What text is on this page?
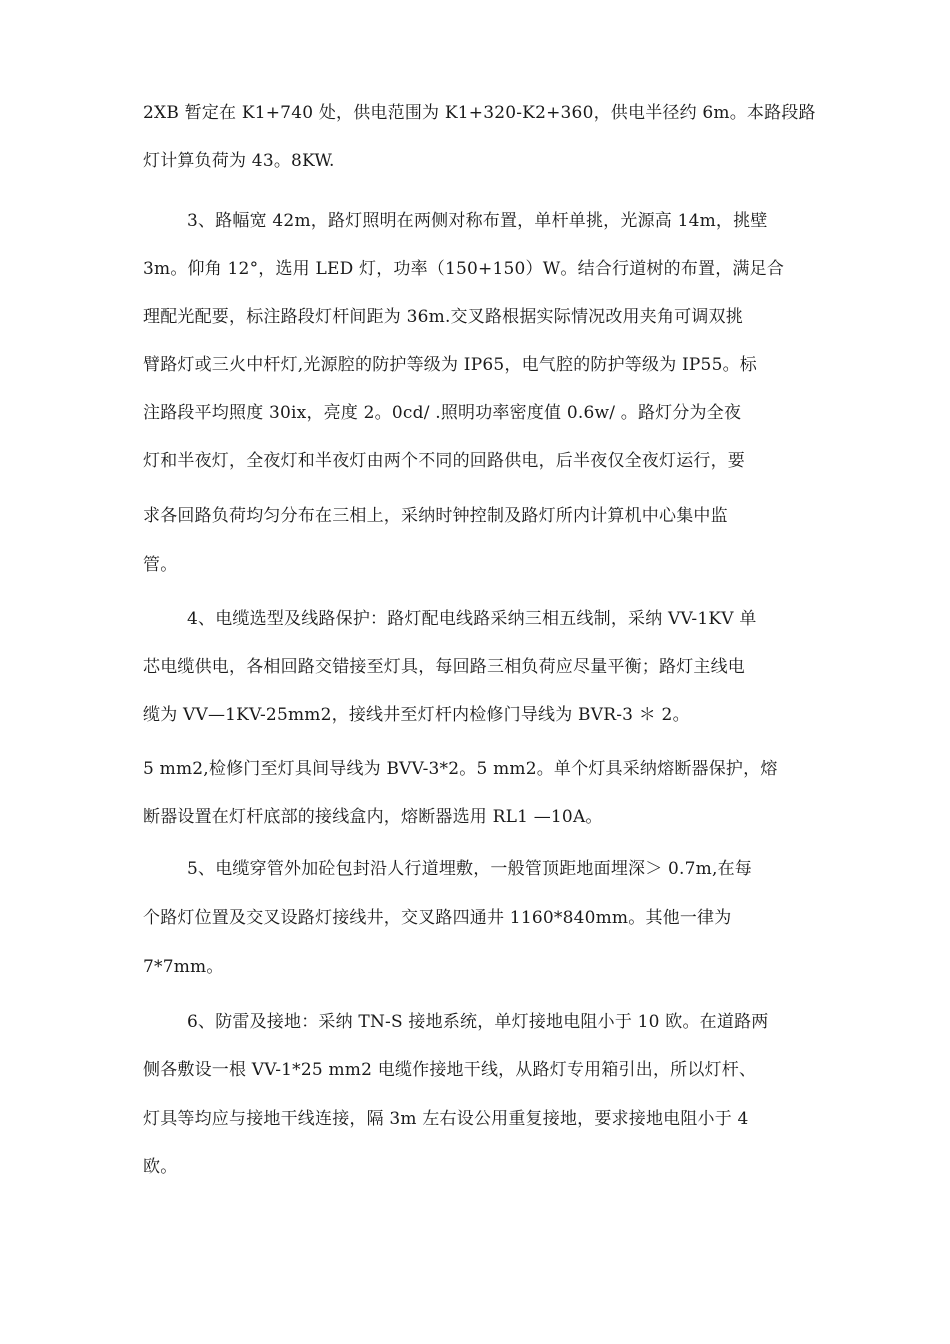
2XB 暂定在 K1+740 处，供电范围为 K1+320-K2+360，供电半径约 6m。本路段路
灯计算负荷为 43。8KW.
3、路幅宽 42m，路灯照明在两侧对称布置，单杆单挑，光源高 14m，挑壁
3m。仰角 12°，选用 LED 灯，功率（150+150）W。结合行道树的布置，满足合
理配光配要，标注路段灯杆间距为 36m.交叉路根据实际情况改用夹角可调双挑
臂路灯或三火中杆灯,光源腔的防护等级为 IP65，电气腔的防护等级为 IP55。标
注路段平均照度 30ix，亮度 2。0cd/ .照明功率密度值 0.6w/ 。路灯分为全夜
灯和半夜灯，全夜灯和半夜灯由两个不同的回路供电，后半夜仅全夜灯运行，要
求各回路负荷均匀分布在三相上，采纳时钟控制及路灯所内计算机中心集中监
管。
4、电缆选型及线路保护：路灯配电线路采纳三相五线制，采纳 VV-1KV 单
芯电缆供电，各相回路交错接至灯具，每回路三相负荷应尽量平衡；路灯主线电
缆为 VV—1KV-25mm2，接线井至灯杆内检修门导线为 BVR-3 ＊ 2。
5 mm2,检修门至灯具间导线为 BVV-3*2。5 mm2。单个灯具采纳熔断器保护，熔
断器设置在灯杆底部的接线盒内，熔断器选用 RL1 —10A。
5、电缆穿管外加砼包封沿人行道埋敷，一般管顶距地面埋深＞ 0.7m,在每
个路灯位置及交叉设路灯接线井，交叉路四通井 1160*840mm。其他一律为
7*7mm。
6、防雷及接地：采纳 TN-S 接地系统，单灯接地电阻小于 10 欧。在道路两
侧各敷设一根 VV-1*25 mm2 电缆作接地干线，从路灯专用箱引出，所以灯杆、
灯具等均应与接地干线连接，隔 3m 左右设公用重复接地，要求接地电阻小于 4
欧。
